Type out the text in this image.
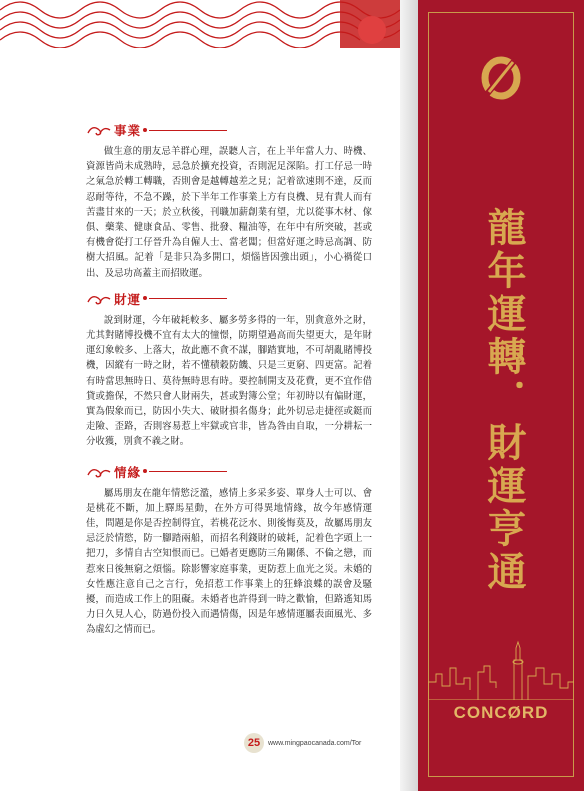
事業

做生意的朋友忌羊群心理，誤聽人言，在上半年當人力、時機、資源皆尚未成熟時，忌急於擴充投資，否則泥足深陷。打工仔忌一時之氣急於轉工轉職，否則會是越轉越差之見；記着欲速則不達，反而忍耐等待，不急不躁，於下半年工作事業上方有良機、見有貴人而有苦盡甘來的一天；於立秋後，刊職加薪創業有望，尤以從事木材、傢俱、藥業、健康食品、零售、批發、糧油等，在年中有所突破，甚或有機會從打工仔晉升為自僱人士、當老闆；但當好運之時忌高調、防樹大招風。記着「是非只為多開口，煩惱皆因強出頭」，小心禍從口出、及忌功高蓋主而招敗運。

財運

說到財運，今年破耗較多、屬多勞多得的一年，別貪意外之財，尤其對賭博投機不宜有太大的憧憬，防期望過高而失望更大，是年財運幻象較多、上落大，故此應不貪不謀，腳踏實地，不可胡亂賭博投機，因縱有一時之財，若不懂積穀防饑、只是三更窮、四更富。記着有時當思無時日、莫待無時思有時。要控制開支及花費，更不宜作借貸或擔保，不然只會人財兩失，甚或對簿公堂；年初時以有偏財運，實為假象而已，防因小失大、破財損名傷身；此外切忌走捷徑或鋌而走險、歪路，否則容易惹上牢獄或官非，皆為咎由自取，一分耕耘一分收獲，別貪不義之財。

情緣

屬馬朋友在龍年情慾泛濫，感情上多采多姿、單身人士可以、會是桃花不斷，加上驛馬星動，在外方可得異地情緣，故今年感情運佳，問題是你是否控制得宜，若桃花泛水、則後悔莫及，故屬馬朋友忌泛於情慾，防一腳踏兩船，而招名利錢財的破耗，記着色字頭上一把刀，多情自古空知恨而已。已婚者更應防三角關係、不倫之戀，而惹來日後無窮之煩惱。除影響家庭事業，更防惹上血光之災。未婚的女性應注意自己之言行，免招惹工作事業上的狂蜂浪蝶的誤會及騷擾，而造成工作上的阻礙。未婚者也許得到一時之歡愉，但路遙知馬力日久見人心，防過份投入而遇情傷，因是年感情運屬表面風光、多為虛幻之情而已。

25	www.mingpaocanada.com/Tor
龍年運轉．財運亨通
CONCØRD
